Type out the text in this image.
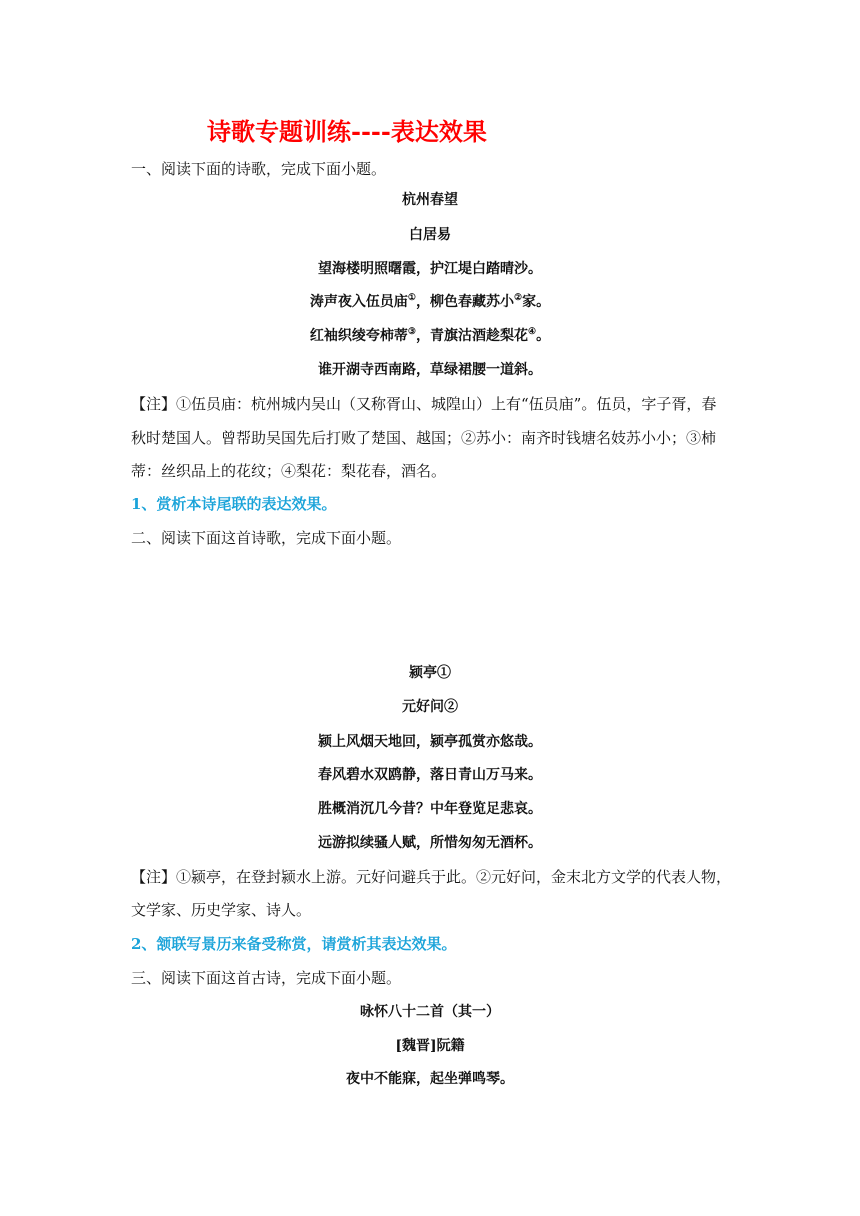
诗歌专题训练----表达效果
一、阅读下面的诗歌，完成下面小题。
杭州春望
白居易
望海楼明照曙霞，护江堤白踏晴沙。
涛声夜入伍员庙①，柳色春藏苏小②家。
红袖织绫夸柿蒂③，青旗沽酒趁梨花④。
谁开湖寺西南路，草绿裙腰一道斜。
【注】①伍员庙：杭州城内吴山（又称胥山、城隍山）上有“伍员庙”。伍员，字子胥，春
秋时楚国人。曾帮助吴国先后打败了楚国、越国；②苏小：南齐时钱塘名妓苏小小；③柿
蒂：丝织品上的花纹；④梨花：梨花春，酒名。
1、赏析本诗尾联的表达效果。
二、阅读下面这首诗歌，完成下面小题。
颍亭①
元好问②
颍上风烟天地回，颍亭孤赏亦悠哉。
春风碧水双鸥静，落日青山万马来。
胜概消沉几今昔？中年登览足悲哀。
远游拟续骚人赋，所惜匆匆无酒杯。
【注】①颍亭，在登封颍水上游。元好问避兵于此。②元好问，金末北方文学的代表人物，
文学家、历史学家、诗人。
2、颔联写景历来备受称赏，请赏析其表达效果。
三、阅读下面这首古诗，完成下面小题。
咏怀八十二首（其一）
[魏晋]阮籍
夜中不能寐，起坐弹鸣琴。
